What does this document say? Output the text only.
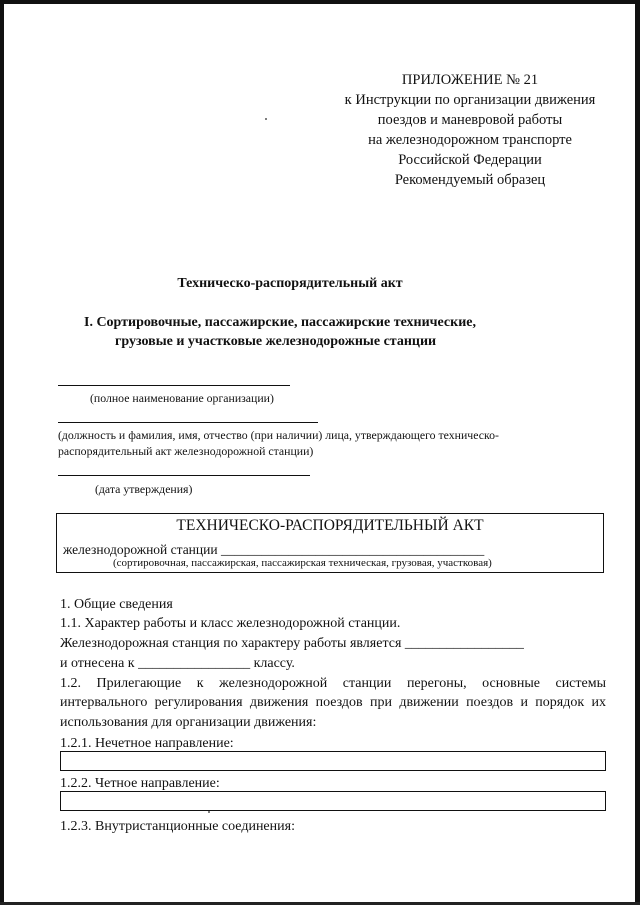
ПРИЛОЖЕНИЕ № 21
к Инструкции по организации движения
поездов и маневровой работы
на железнодорожном транспорте
Российской Федерации
Рекомендуемый образец
Техническо-распорядительный акт
I. Сортировочные, пассажирские, пассажирские технические,
грузовые и участковые железнодорожные станции
(полное наименование организации)
(должность и фамилия, имя, отчество (при наличии) лица, утверждающего техническо-
распорядительный акт железнодорожной станции)
(дата утверждения)
ТЕХНИЧЕСКО-РАСПОРЯДИТЕЛЬНЫЙ АКТ
железнодорожной станции _______________________________________
(сортировочная, пассажирская, пассажирская техническая, грузовая, участковая)
1. Общие сведения
1.1. Характер работы и класс железнодорожной станции.
Железнодорожная станция по характеру работы является _________________
и отнесена к ________________ классу.
1.2. Прилегающие к железнодорожной станции перегоны, основные системы
интервального регулирования движения поездов при движении поездов и порядок их
использования для организации движения:
1.2.1. Нечетное направление:
1.2.2. Четное направление:
1.2.3. Внутристанционные соединения:
